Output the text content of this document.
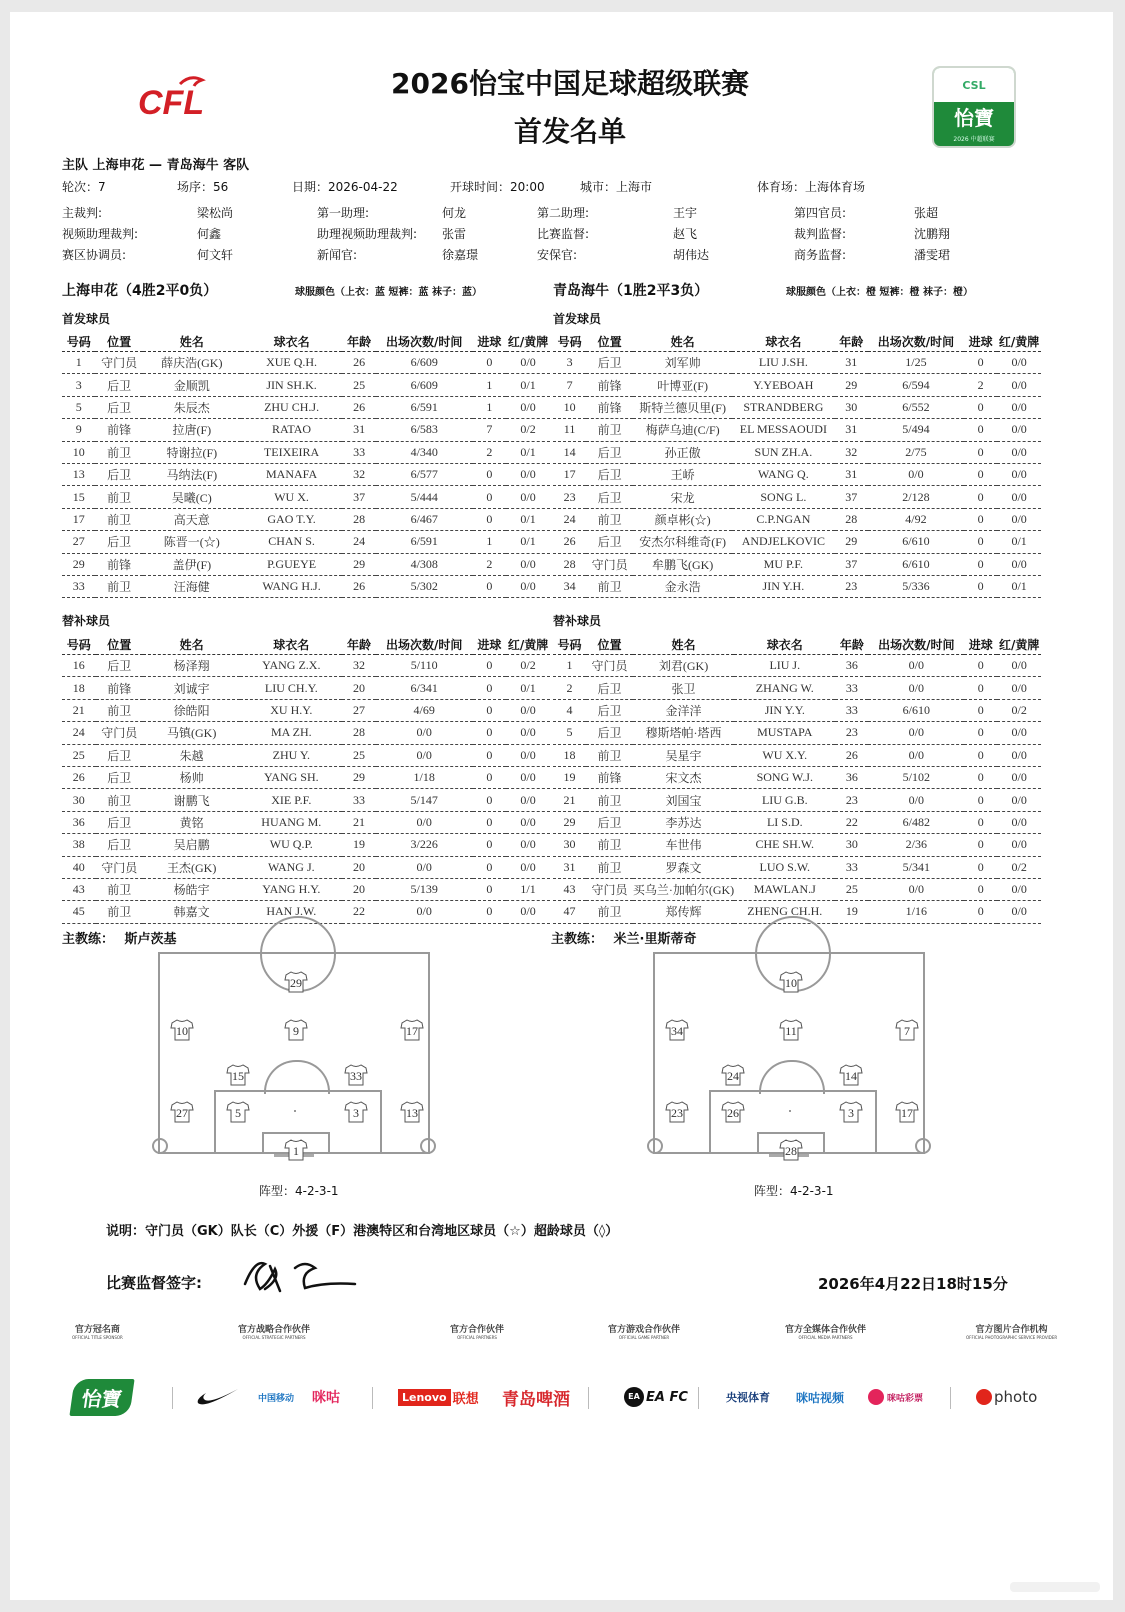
CFL
2026怡宝中国足球超级联赛
首发名单
CSL
怡寶
2026 中超联赛
主队 上海申花 — 青岛海牛 客队
轮次：7	场序：56	日期：2026-04-22	开球时间：20:00	城市：上海市	体育场：上海体育场
主裁判:	梁松尚	第一助理:	何龙	第二助理:	王宇	第四官员:	张超
视频助理裁判:	何鑫	助理视频助理裁判: 张雷	比赛监督:	赵飞	裁判监督:	沈鹏翔
赛区协调员:	何文轩	新闻官:	徐嘉璟	安保官:	胡伟达	商务监督:	潘雯珺
上海申花（4胜2平0负）	球服颜色（上衣：蓝 短裤：蓝 袜子：蓝）	青岛海牛（1胜2平3负）	球服颜色（上衣：橙 短裤：橙 袜子：橙）
首发球员	首发球员
号码	位置	姓名	球衣名	年龄	出场次数/时间	进球	红/黄牌
1	守门员	薛庆浩(GK)	XUE Q.H.	26	6/609	0	0/0
3	后卫	金顺凯	JIN SH.K.	25	6/609	1	0/1
5	后卫	朱辰杰	ZHU CH.J.	26	6/591	1	0/0
9	前锋	拉唐(F)	RATAO	31	6/583	7	0/2
10	前卫	特谢拉(F)	TEIXEIRA	33	4/340	2	0/1
13	后卫	马纳法(F)	MANAFA	32	6/577	0	0/0
15	前卫	吴曦(C)	WU X.	37	5/444	0	0/0
17	前卫	高天意	GAO T.Y.	28	6/467	0	0/1
27	后卫	陈晋一(☆)	CHAN S.	24	6/591	1	0/1
29	前锋	盖伊(F)	P.GUEYE	29	4/308	2	0/0
33	前卫	汪海健	WANG H.J.	26	5/302	0	0/0
号码	位置	姓名	球衣名	年龄	出场次数/时间	进球	红/黄牌
3	后卫	刘军帅	LIU J.SH.	31	1/25	0	0/0
7	前锋	叶博亚(F)	Y.YEBOAH	29	6/594	2	0/0
10	前锋	斯特兰德贝里(F)	STRANDBERG	30	6/552	0	0/0
11	前卫	梅萨乌迪(C/F)	EL MESSAOUDI	31	5/494	0	0/0
14	后卫	孙正傲	SUN ZH.A.	32	2/75	0	0/0
17	后卫	王峤	WANG Q.	31	0/0	0	0/0
23	后卫	宋龙	SONG L.	37	2/128	0	0/0
24	前卫	颜卓彬(☆)	C.P.NGAN	28	4/92	0	0/0
26	后卫	安杰尔科维奇(F)	ANDJELKOVIC	29	6/610	0	0/1
28	守门员	牟鹏飞(GK)	MU P.F.	37	6/610	0	0/0
34	前卫	金永浩	JIN Y.H.	23	5/336	0	0/1
替补球员	替补球员
号码	位置	姓名	球衣名	年龄	出场次数/时间	进球	红/黄牌
16	后卫	杨泽翔	YANG Z.X.	32	5/110	0	0/2
18	前锋	刘诚宇	LIU CH.Y.	20	6/341	0	0/1
21	前卫	徐皓阳	XU H.Y.	27	4/69	0	0/0
24	守门员	马镇(GK)	MA ZH.	28	0/0	0	0/0
25	后卫	朱越	ZHU Y.	25	0/0	0	0/0
26	后卫	杨帅	YANG SH.	29	1/18	0	0/0
30	前卫	谢鹏飞	XIE P.F.	33	5/147	0	0/0
36	后卫	黄铭	HUANG M.	21	0/0	0	0/0
38	后卫	吴启鹏	WU Q.P.	19	3/226	0	0/0
40	守门员	王杰(GK)	WANG J.	20	0/0	0	0/0
43	前卫	杨皓宇	YANG H.Y.	20	5/139	0	1/1
45	前卫	韩嘉文	HAN J.W.	22	0/0	0	0/0
号码	位置	姓名	球衣名	年龄	出场次数/时间	进球	红/黄牌
1	守门员	刘君(GK)	LIU J.	36	0/0	0	0/0
2	后卫	张卫	ZHANG W.	33	0/0	0	0/0
4	后卫	金洋洋	JIN Y.Y.	33	6/610	0	0/2
5	后卫	穆斯塔帕·塔西	MUSTAPA	23	0/0	0	0/0
18	前卫	吴星宇	WU X.Y.	26	0/0	0	0/0
19	前锋	宋文杰	SONG W.J.	36	5/102	0	0/0
21	前卫	刘国宝	LIU G.B.	23	0/0	0	0/0
29	后卫	李苏达	LI S.D.	22	6/482	0	0/0
30	前卫	车世伟	CHE SH.W.	30	2/36	0	0/0
31	前卫	罗森文	LUO S.W.	33	5/341	0	0/2
43	守门员	买乌兰·加帕尔(GK)	MAWLAN.J	25	0/0	0	0/0
47	前卫	郑传辉	ZHENG CH.H.	19	1/16	0	0/0
主教练： 斯卢茨基	主教练： 米兰·里斯蒂奇
29
10	9	17
15	33
27	5	3	13
1
10
34	11	7
24	14
23	26	3	17
28
阵型：4-2-3-1	阵型：4-2-3-1
说明：守门员（GK）队长（C）外援（F）港澳特区和台湾地区球员（☆）超龄球员（◊）
比赛监督签字:	2026年4月22日18时15分
官方冠名商
OFFICIAL TITLE SPONSOR
官方战略合作伙伴
OFFICIAL STRATEGIC PARTNERS
官方合作伙伴
OFFICIAL PARTNERS
官方游戏合作伙伴
OFFICIAL GAME PARTNER
官方全媒体合作伙伴
OFFICIAL MEDIA PARTNERS
官方图片合作机构
OFFICIAL PHOTOGRAPHIC SERVICE PROVIDER
怡寶	中国移动 咪咕	Lenovo 联想 青岛啤酒	EA EA FC	央视体育 咪咕视频	咪咕彩票	photo
